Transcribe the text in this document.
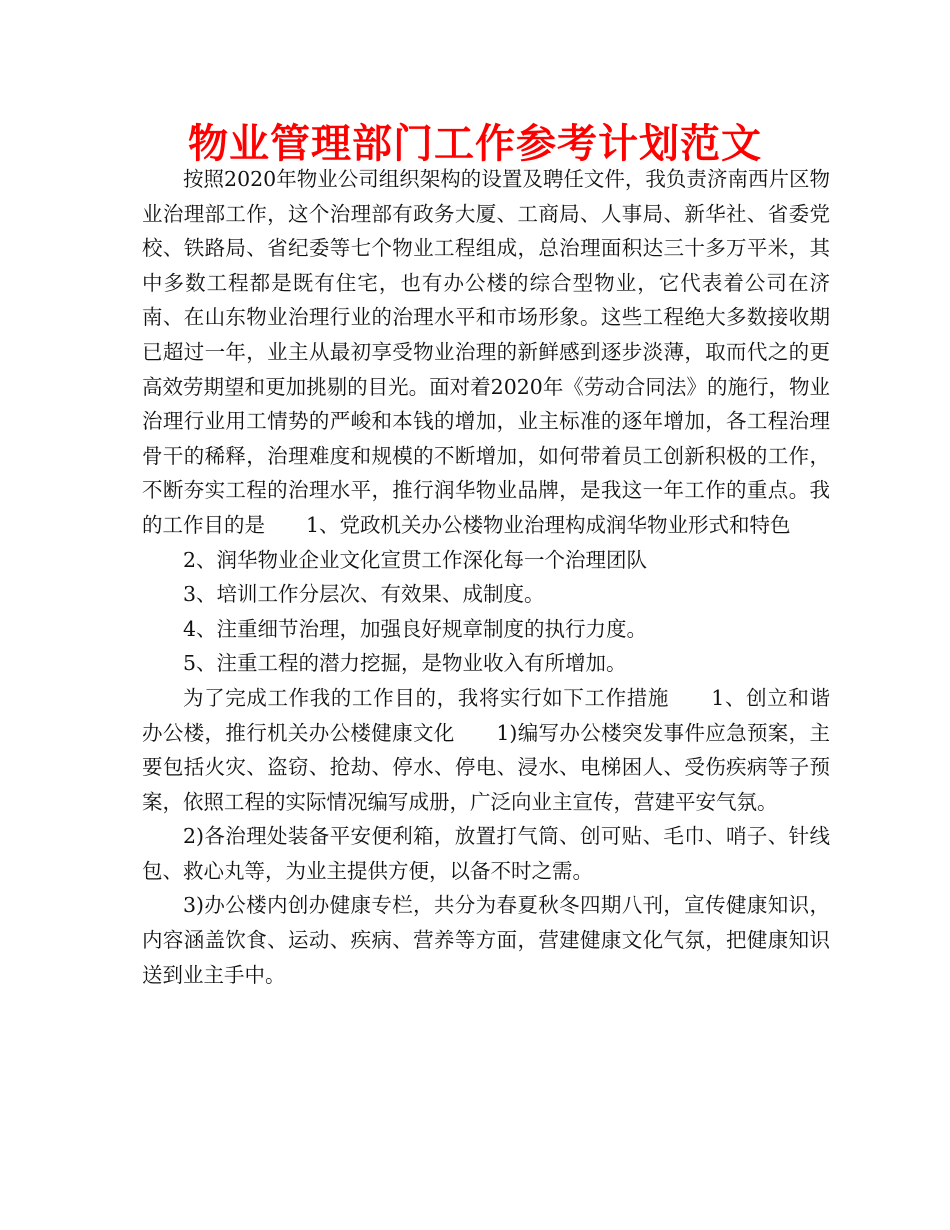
物业管理部门工作参考计划范文

按照2020年物业公司组织架构的设置及聘任文件，我负责济南西片区物业治理部工作，这个治理部有政务大厦、工商局、人事局、新华社、省委党校、铁路局、省纪委等七个物业工程组成，总治理面积达三十多万平米，其中多数工程都是既有住宅，也有办公楼的综合型物业，它代表着公司在济南、在山东物业治理行业的治理水平和市场形象。这些工程绝大多数接收期已超过一年，业主从最初享受物业治理的新鲜感到逐步淡薄，取而代之的更高效劳期望和更加挑剔的目光。面对着2020年《劳动合同法》的施行，物业治理行业用工情势的严峻和本钱的增加，业主标准的逐年增加，各工程治理骨干的稀释，治理难度和规模的不断增加，如何带着员工创新积极的工作，不断夯实工程的治理水平，推行润华物业品牌，是我这一年工作的重点。我的工作目的是　　1、党政机关办公楼物业治理构成润华物业形式和特色

2、润华物业企业文化宣贯工作深化每一个治理团队

3、培训工作分层次、有效果、成制度。

4、注重细节治理，加强良好规章制度的执行力度。

5、注重工程的潜力挖掘，是物业收入有所增加。

为了完成工作我的工作目的，我将实行如下工作措施　　1、创立和谐办公楼，推行机关办公楼健康文化　　1)编写办公楼突发事件应急预案，主要包括火灾、盗窃、抢劫、停水、停电、浸水、电梯困人、受伤疾病等子预案，依照工程的实际情况编写成册，广泛向业主宣传，营建平安气氛。

2)各治理处装备平安便利箱，放置打气筒、创可贴、毛巾、哨子、针线包、救心丸等，为业主提供方便，以备不时之需。

3)办公楼内创办健康专栏，共分为春夏秋冬四期八刊，宣传健康知识，内容涵盖饮食、运动、疾病、营养等方面，营建健康文化气氛，把健康知识送到业主手中。
